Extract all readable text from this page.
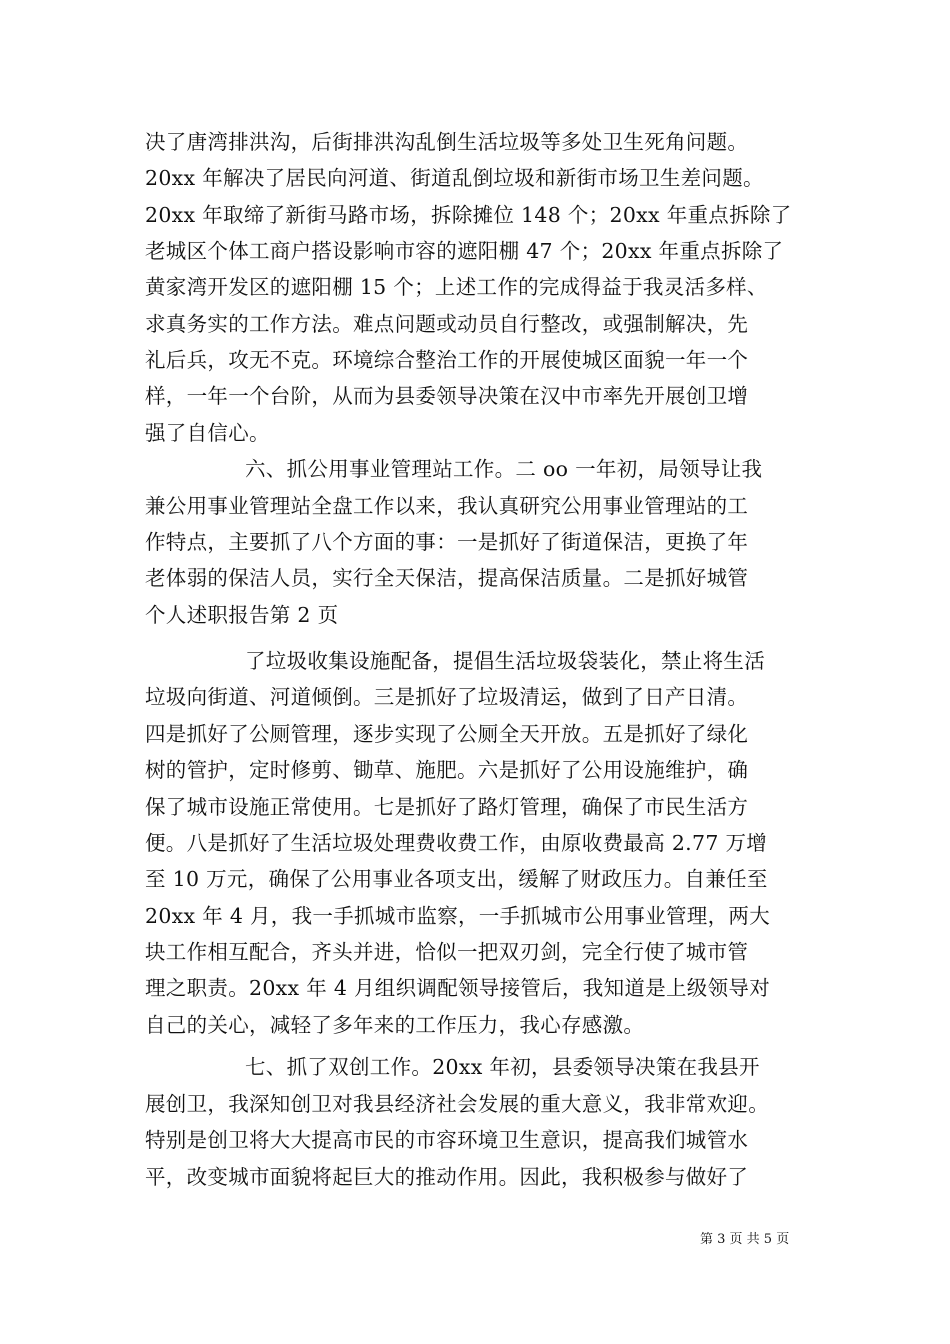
决了唐湾排洪沟，后街排洪沟乱倒生活垃圾等多处卫生死角问题。
20xx 年解决了居民向河道、街道乱倒垃圾和新街市场卫生差问题。
20xx 年取缔了新街马路市场，拆除摊位 148 个；20xx 年重点拆除了
老城区个体工商户搭设影响市容的遮阳棚 47 个；20xx 年重点拆除了
黄家湾开发区的遮阳棚 15 个；上述工作的完成得益于我灵活多样、
求真务实的工作方法。难点问题或动员自行整改，或强制解决，先
礼后兵，攻无不克。环境综合整治工作的开展使城区面貌一年一个
样，一年一个台阶，从而为县委领导决策在汉中市率先开展创卫增
强了自信心。
六、抓公用事业管理站工作。二 oo 一年初，局领导让我
兼公用事业管理站全盘工作以来，我认真研究公用事业管理站的工
作特点，主要抓了八个方面的事：一是抓好了街道保洁，更换了年
老体弱的保洁人员，实行全天保洁，提高保洁质量。二是抓好城管
个人述职报告第 2 页
了垃圾收集设施配备，提倡生活垃圾袋装化，禁止将生活
垃圾向街道、河道倾倒。三是抓好了垃圾清运，做到了日产日清。
四是抓好了公厕管理，逐步实现了公厕全天开放。五是抓好了绿化
树的管护，定时修剪、锄草、施肥。六是抓好了公用设施维护，确
保了城市设施正常使用。七是抓好了路灯管理，确保了市民生活方
便。八是抓好了生活垃圾处理费收费工作，由原收费最高 2.77 万增
至 10 万元，确保了公用事业各项支出，缓解了财政压力。自兼任至
20xx 年 4 月，我一手抓城市监察，一手抓城市公用事业管理，两大
块工作相互配合，齐头并进，恰似一把双刃剑，完全行使了城市管
理之职责。20xx 年 4 月组织调配领导接管后，我知道是上级领导对
自己的关心，减轻了多年来的工作压力，我心存感激。
七、抓了双创工作。20xx 年初，县委领导决策在我县开
展创卫，我深知创卫对我县经济社会发展的重大意义，我非常欢迎。
特别是创卫将大大提高市民的市容环境卫生意识，提高我们城管水
平，改变城市面貌将起巨大的推动作用。因此，我积极参与做好了
第 3 页 共 5 页
